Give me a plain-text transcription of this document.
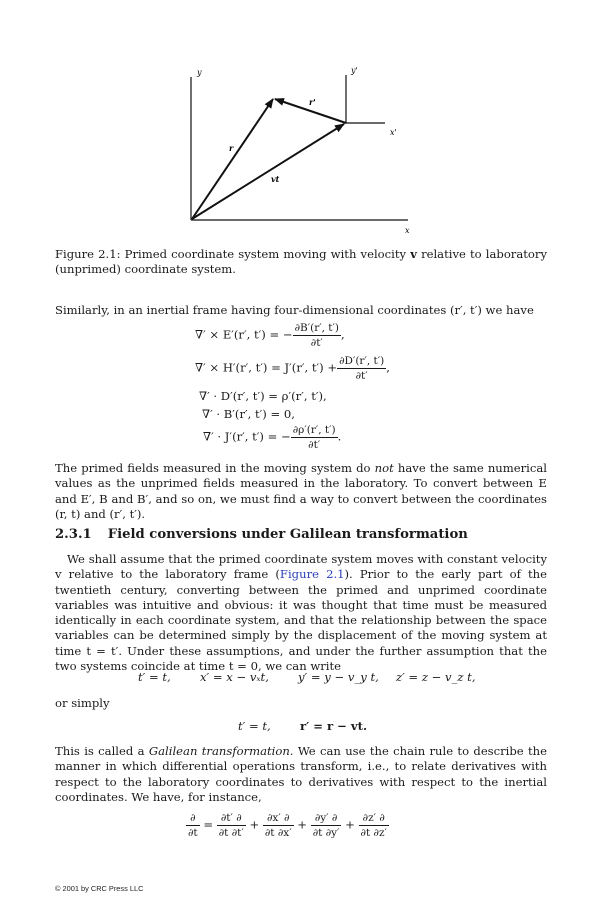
y	y'
x
x'
r
r'
vt
Figure 2.1: Primed coordinate system moving with velocity v relative to laboratory (unprimed) coordinate system.
Similarly, in an inertial frame having four-dimensional coordinates (r′, t′) we have
∇′ × E′(r′, t′) = − $\frac{\partial B'(r', t')}{\partial t'}$ ,
∇′ × H′(r′, t′) = J′(r′, $t') + \frac{\partial D'(r', t')}{\partial t'}$ ,
∇′ · D′(r′, t′) = ρ′(r′, t′),
∇′ · B′(r′, t′) = 0,
∇′ · J′(r′, t′) = − $\frac{\partial\rho'(r', t')}{\partial t'}$ .
The primed fields measured in the moving system do not have the same numerical values as the unprimed fields measured in the laboratory. To convert between E and E′, B and B′, and so on, we must find a way to convert between the coordinates (r, t) and (r′, t′).
2.3.1 Field conversions under Galilean transformation
We shall assume that the primed coordinate system moves with constant velocity v relative to the laboratory frame (Figure 2.1). Prior to the early part of the twentieth century, converting between the primed and unprimed coordinate variables was intuitive and obvious: it was thought that time must be measured identically in each coordinate system, and that the relationship between the space variables can be determined simply by the displacement of the moving system at time t = t′. Under these assumptions, and under the further assumption that the two systems coincide at time t = 0, we can write
t′ = t,	x′ = x − vₓt,	y′ = y − v_y t, z′ = z − v_z t,
or simply
t′ = t,	r′ = r − vt.
This is called a Galilean transformation. We can use the chain rule to describe the manner in which differential operations transform, i.e., to relate derivatives with respect to the laboratory coordinates to derivatives with respect to the inertial coordinates. We have, for instance,
$\frac{\partial}{\partial t} = \frac{\partial t' \partial}{\partial t \partial t'} + \frac{\partial x' \partial}{\partial t \partial x'} + \frac{\partial y' \partial}{\partial t \partial y'} + \frac{\partial z' \partial}{\partial t \partial z'}$
© 2001 by CRC Press LLC
